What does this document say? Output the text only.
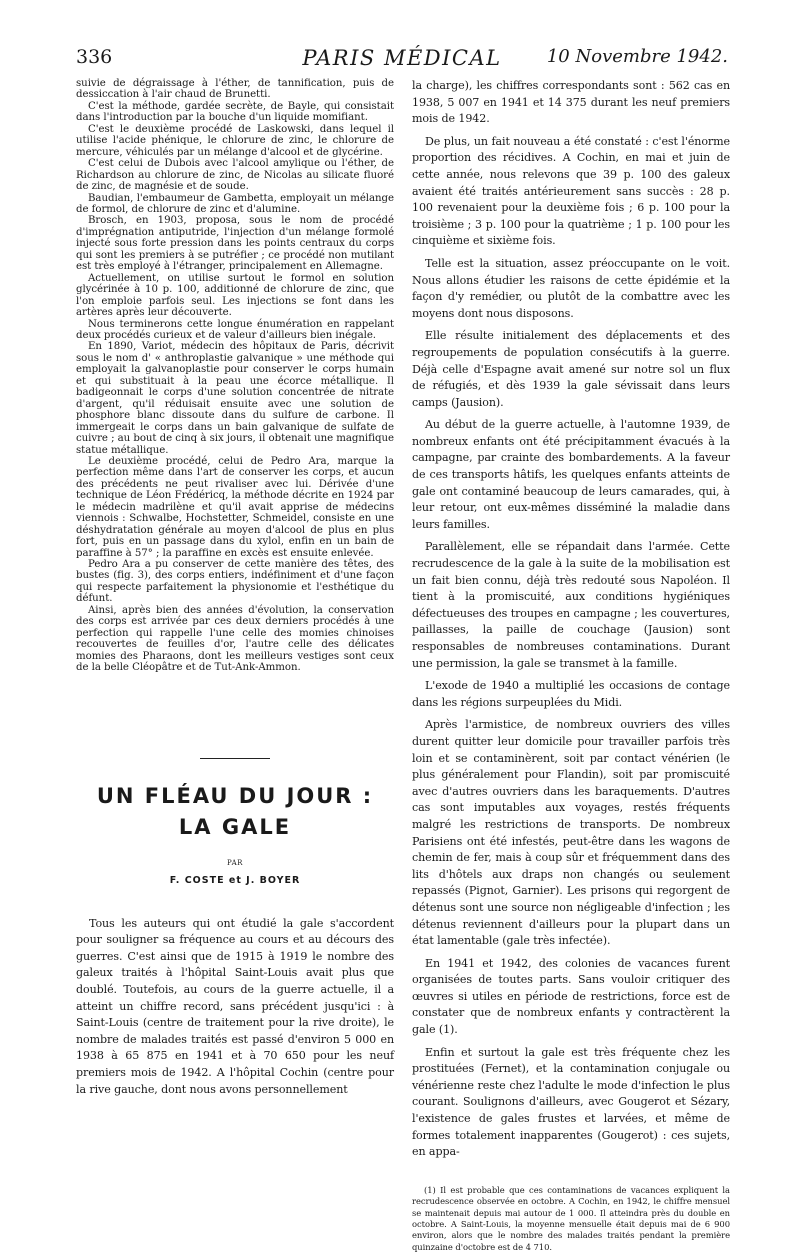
336	PARIS MÉDICAL	10 Novembre 1942.

suivie de dégraissage à l'éther, de tannification, puis de dessiccation à l'air chaud de Brunetti.

C'est la méthode, gardée secrète, de Bayle, qui consistait dans l'introduction par la bouche d'un liquide momifiant.

C'est le deuxième procédé de Laskowski, dans lequel il utilise l'acide phénique, le chlorure de zinc, le chlorure de mercure, véhiculés par un mélange d'alcool et de glycérine.

C'est celui de Dubois avec l'alcool amylique ou l'éther, de Richardson au chlorure de zinc, de Nicolas au silicate fluoré de zinc, de magnésie et de soude.

Baudian, l'embaumeur de Gambetta, employait un mélange de formol, de chlorure de zinc et d'alumine.

Brosch, en 1903, proposa, sous le nom de procédé d'imprégnation antiputride, l'injection d'un mélange formolé injecté sous forte pression dans les points centraux du corps qui sont les premiers à se putréfier ; ce procédé non mutilant est très employé à l'étranger, principalement en Allemagne.

Actuellement, on utilise surtout le formol en solution glycérinée à 10 p. 100, additionné de chlorure de zinc, que l'on emploie parfois seul. Les injections se font dans les artères après leur découverte.

Nous terminerons cette longue énumération en rappelant deux procédés curieux et de valeur d'ailleurs bien inégale.

En 1890, Variot, médecin des hôpitaux de Paris, décrivit sous le nom d' « anthroplastie galvanique » une méthode qui employait la galvanoplastie pour conserver le corps humain et qui substituait à la peau une écorce métallique. Il badigeonnait le corps d'une solution concentrée de nitrate d'argent, qu'il réduisait ensuite avec une solution de phosphore blanc dissoute dans du sulfure de carbone. Il immergeait le corps dans un bain galvanique de sulfate de cuivre ; au bout de cinq à six jours, il obtenait une magnifique statue métallique.

Le deuxième procédé, celui de Pedro Ara, marque la perfection même dans l'art de conserver les corps, et aucun des précédents ne peut rivaliser avec lui. Dérivée d'une technique de Léon Frédéricq, la méthode décrite en 1924 par le médecin madrilène et qu'il avait apprise de médecins viennois : Schwalbe, Hochstetter, Schmeidel, consiste en une déshydratation générale au moyen d'alcool de plus en plus fort, puis en un passage dans du xylol, enfin en un bain de paraffine à 57° ; la paraffine en excès est ensuite enlevée.

Pedro Ara a pu conserver de cette manière des têtes, des bustes (fig. 3), des corps entiers, indéfiniment et d'une façon qui respecte parfaitement la physionomie et l'esthétique du défunt.

Ainsi, après bien des années d'évolution, la conservation des corps est arrivée par ces deux derniers procédés à une perfection qui rappelle l'une celle des momies chinoises recouvertes de feuilles d'or, l'autre celle des délicates momies des Pharaons, dont les meilleurs vestiges sont ceux de la belle Cléopâtre et de Tut-Ank-Ammon.

UN FLÉAU DU JOUR :
LA GALE
PAR
F. COSTE et J. BOYER

Tous les auteurs qui ont étudié la gale s'accordent pour souligner sa fréquence au cours et au décours des guerres. C'est ainsi que de 1915 à 1919 le nombre des galeux traités à l'hôpital Saint-Louis avait plus que doublé. Toutefois, au cours de la guerre actuelle, il a atteint un chiffre record, sans précédent jusqu'ici : à Saint-Louis (centre de traitement pour la rive droite), le nombre de malades traités est passé d'environ 5 000 en 1938 à 65 875 en 1941 et à 70 650 pour les neuf premiers mois de 1942. A l'hôpital Cochin (centre pour la rive gauche, dont nous avons personnellement

la charge), les chiffres correspondants sont : 562 cas en 1938, 5 007 en 1941 et 14 375 durant les neuf premiers mois de 1942.

De plus, un fait nouveau a été constaté : c'est l'énorme proportion des récidives. A Cochin, en mai et juin de cette année, nous relevons que 39 p. 100 des galeux avaient été traités antérieurement sans succès : 28 p. 100 revenaient pour la deuxième fois ; 6 p. 100 pour la troisième ; 3 p. 100 pour la quatrième ; 1 p. 100 pour les cinquième et sixième fois.

Telle est la situation, assez préoccupante on le voit. Nous allons étudier les raisons de cette épidémie et la façon d'y remédier, ou plutôt de la combattre avec les moyens dont nous disposons.

Elle résulte initialement des déplacements et des regroupements de population consécutifs à la guerre. Déjà celle d'Espagne avait amené sur notre sol un flux de réfugiés, et dès 1939 la gale sévissait dans leurs camps (Jausion).

Au début de la guerre actuelle, à l'automne 1939, de nombreux enfants ont été précipitamment évacués à la campagne, par crainte des bombardements. A la faveur de ces transports hâtifs, les quelques enfants atteints de gale ont contaminé beaucoup de leurs camarades, qui, à leur retour, ont eux-mêmes disséminé la maladie dans leurs familles.

Parallèlement, elle se répandait dans l'armée. Cette recrudescence de la gale à la suite de la mobilisation est un fait bien connu, déjà très redouté sous Napoléon. Il tient à la promiscuité, aux conditions hygiéniques défectueuses des troupes en campagne ; les couvertures, paillasses, la paille de couchage (Jausion) sont responsables de nombreuses contaminations. Durant une permission, la gale se transmet à la famille.

L'exode de 1940 a multiplié les occasions de contage dans les régions surpeuplées du Midi.

Après l'armistice, de nombreux ouvriers des villes durent quitter leur domicile pour travailler parfois très loin et se contaminèrent, soit par contact vénérien (le plus généralement pour Flandin), soit par promiscuité avec d'autres ouvriers dans les baraquements. D'autres cas sont imputables aux voyages, restés fréquents malgré les restrictions de transports. De nombreux Parisiens ont été infestés, peut-être dans les wagons de chemin de fer, mais à coup sûr et fréquemment dans des lits d'hôtels aux draps non changés ou seulement repassés (Pignot, Garnier). Les prisons qui regorgent de détenus sont une source non négligeable d'infection ; les détenus reviennent d'ailleurs pour la plupart dans un état lamentable (gale très infectée).

En 1941 et 1942, des colonies de vacances furent organisées de toutes parts. Sans vouloir critiquer des œuvres si utiles en période de restrictions, force est de constater que de nombreux enfants y contractèrent la gale (1).

Enfin et surtout la gale est très fréquente chez les prostituées (Fernet), et la contamination conjugale ou vénérienne reste chez l'adulte le mode d'infection le plus courant. Soulignons d'ailleurs, avec Gougerot et Sézary, l'existence de gales frustes et larvées, et même de formes totalement inapparentes (Gougerot) : ces sujets, en appa-

(1) Il est probable que ces contaminations de vacances expliquent la recrudescence observée en octobre. A Cochin, en 1942, le chiffre mensuel se maintenait depuis mai autour de 1 000. Il atteindra près du double en octobre. A Saint-Louis, la moyenne mensuelle était depuis mai de 6 900 environ, alors que le nombre des malades traités pendant la première quinzaine d'octobre est de 4 710.
